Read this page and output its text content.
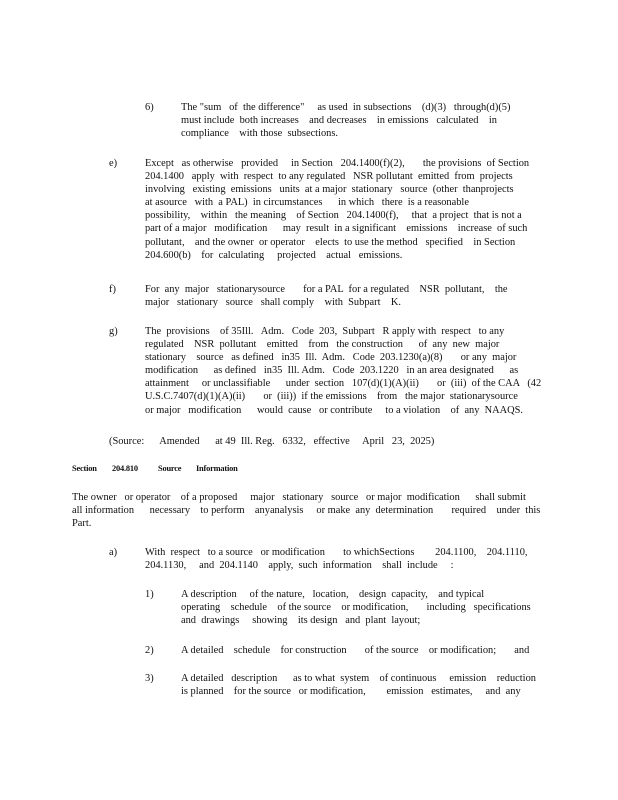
6)	The "sum   of  the difference"     as used  in subsections    (d)(3)   through(d)(5)
must include  both increases    and decreases    in emissions   calculated    in
compliance    with those  subsections.
e)	Except   as otherwise   provided     in Section   204.1400(f)(2),       the provisions  of Section
204.1400   apply  with  respect  to any regulated   NSR pollutant  emitted  from  projects
involving   existing  emissions   units  at a major  stationary   source  (other  thanprojects
at asource   with  a PAL)  in circumstances      in which   there  is a reasonable
possibility,    within   the meaning    of Section   204.1400(f),     that  a project  that is not a
part of a major   modification      may  result  in a significant    emissions    increase  of such
pollutant,    and the owner  or operator    elects  to use the method   specified    in Section
204.600(b)    for  calculating     projected    actual   emissions.
f)	For  any  major   stationarysource       for a PAL  for a regulated    NSR  pollutant,    the
major   stationary   source   shall comply    with  Subpart    K.
g)	The  provisions    of 35Ill.   Adm.   Code  203,  Subpart   R apply with  respect   to any
regulated    NSR  pollutant    emitted    from   the construction      of  any  new  major
stationary    source   as defined   in35  Ill.  Adm.   Code  203.1230(a)(8)       or any  major
modification      as defined   in35  Ill. Adm.   Code  203.1220   in an area designated      as
attainment     or unclassifiable      under  section   107(d)(1)(A)(ii)       or  (iii)  of the CAA   (42
U.S.C.7407(d)(1)(A)(ii)       or  (iii))  if the emissions    from   the major  stationarysource
or major   modification      would  cause   or contribute     to a violation    of  any  NAAQS.
(Source:      Amended      at 49  Ill. Reg.   6332,   effective     April   23,  2025)
Section 204.810 Source Information
The owner   or operator    of a proposed     major   stationary   source   or major  modification      shall submit
all information      necessary    to perform    anyanalysis     or make  any  determination       required    under  this
Part.
a)	With  respect   to a source   or modification       to whichSections        204.1100,    204.1110,
204.1130,     and  204.1140    apply,  such  information    shall  include     :
1)	A description     of the nature,   location,    design  capacity,    and typical
operating    schedule    of the source    or modification,       including   specifications
and  drawings     showing    its design   and  plant  layout;
2)	A detailed    schedule    for construction       of the source    or modification;       and
3)	A detailed   description      as to what  system    of continuous     emission    reduction
is planned    for the source   or modification,        emission   estimates,     and  any
